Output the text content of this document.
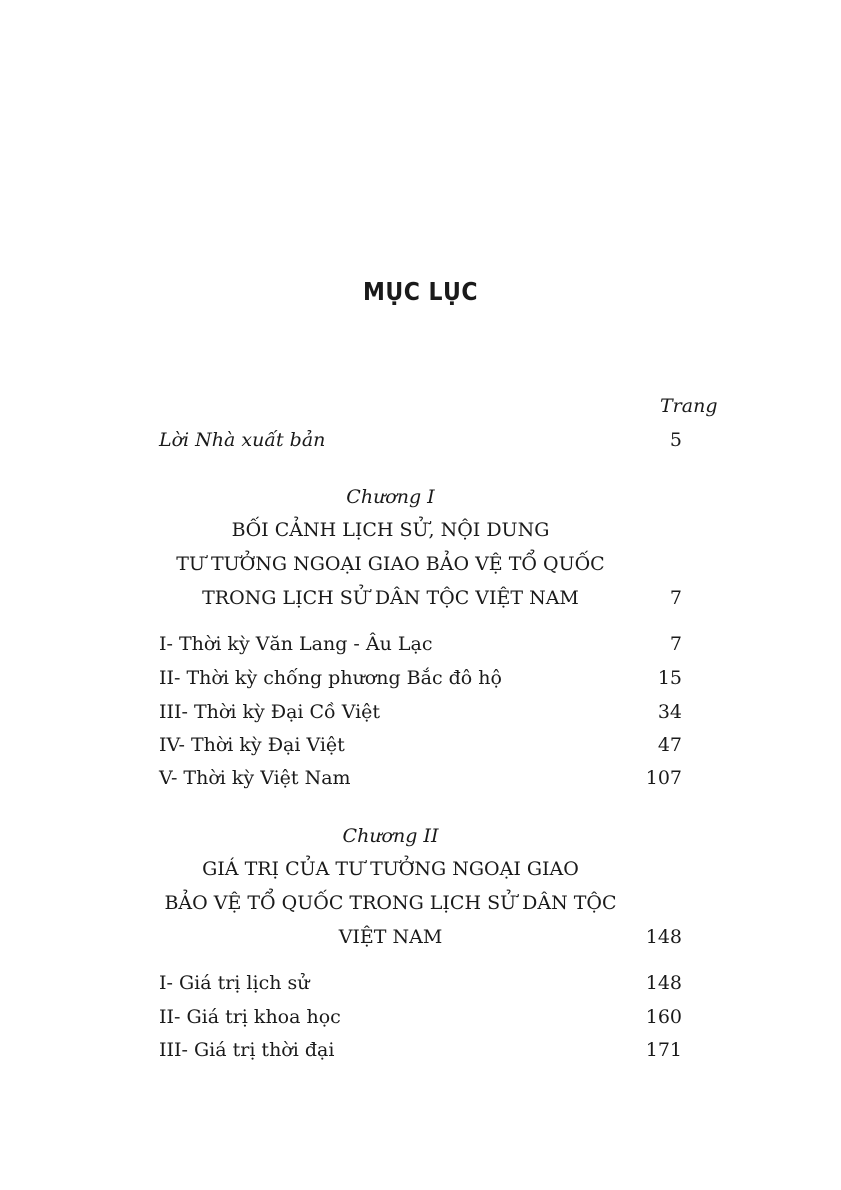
MỤC LỤC
Trang
Lời Nhà xuất bản	5
Chương I
BỐI CẢNH LỊCH SỬ, NỘI DUNG
TƯ TƯỞNG NGOẠI GIAO BẢO VỆ TỔ QUỐC
TRONG LỊCH SỬ DÂN TỘC VIỆT NAM	7
I- Thời kỳ Văn Lang - Âu Lạc	7
II- Thời kỳ chống phương Bắc đô hộ	15
III- Thời kỳ Đại Cồ Việt	34
IV- Thời kỳ Đại Việt	47
V- Thời kỳ Việt Nam	107
Chương II
GIÁ TRỊ CỦA TƯ TƯỞNG NGOẠI GIAO
BẢO VỆ TỔ QUỐC TRONG LỊCH SỬ DÂN TỘC
VIỆT NAM	148
I- Giá trị lịch sử	148
II- Giá trị khoa học	160
III- Giá trị thời đại	171
